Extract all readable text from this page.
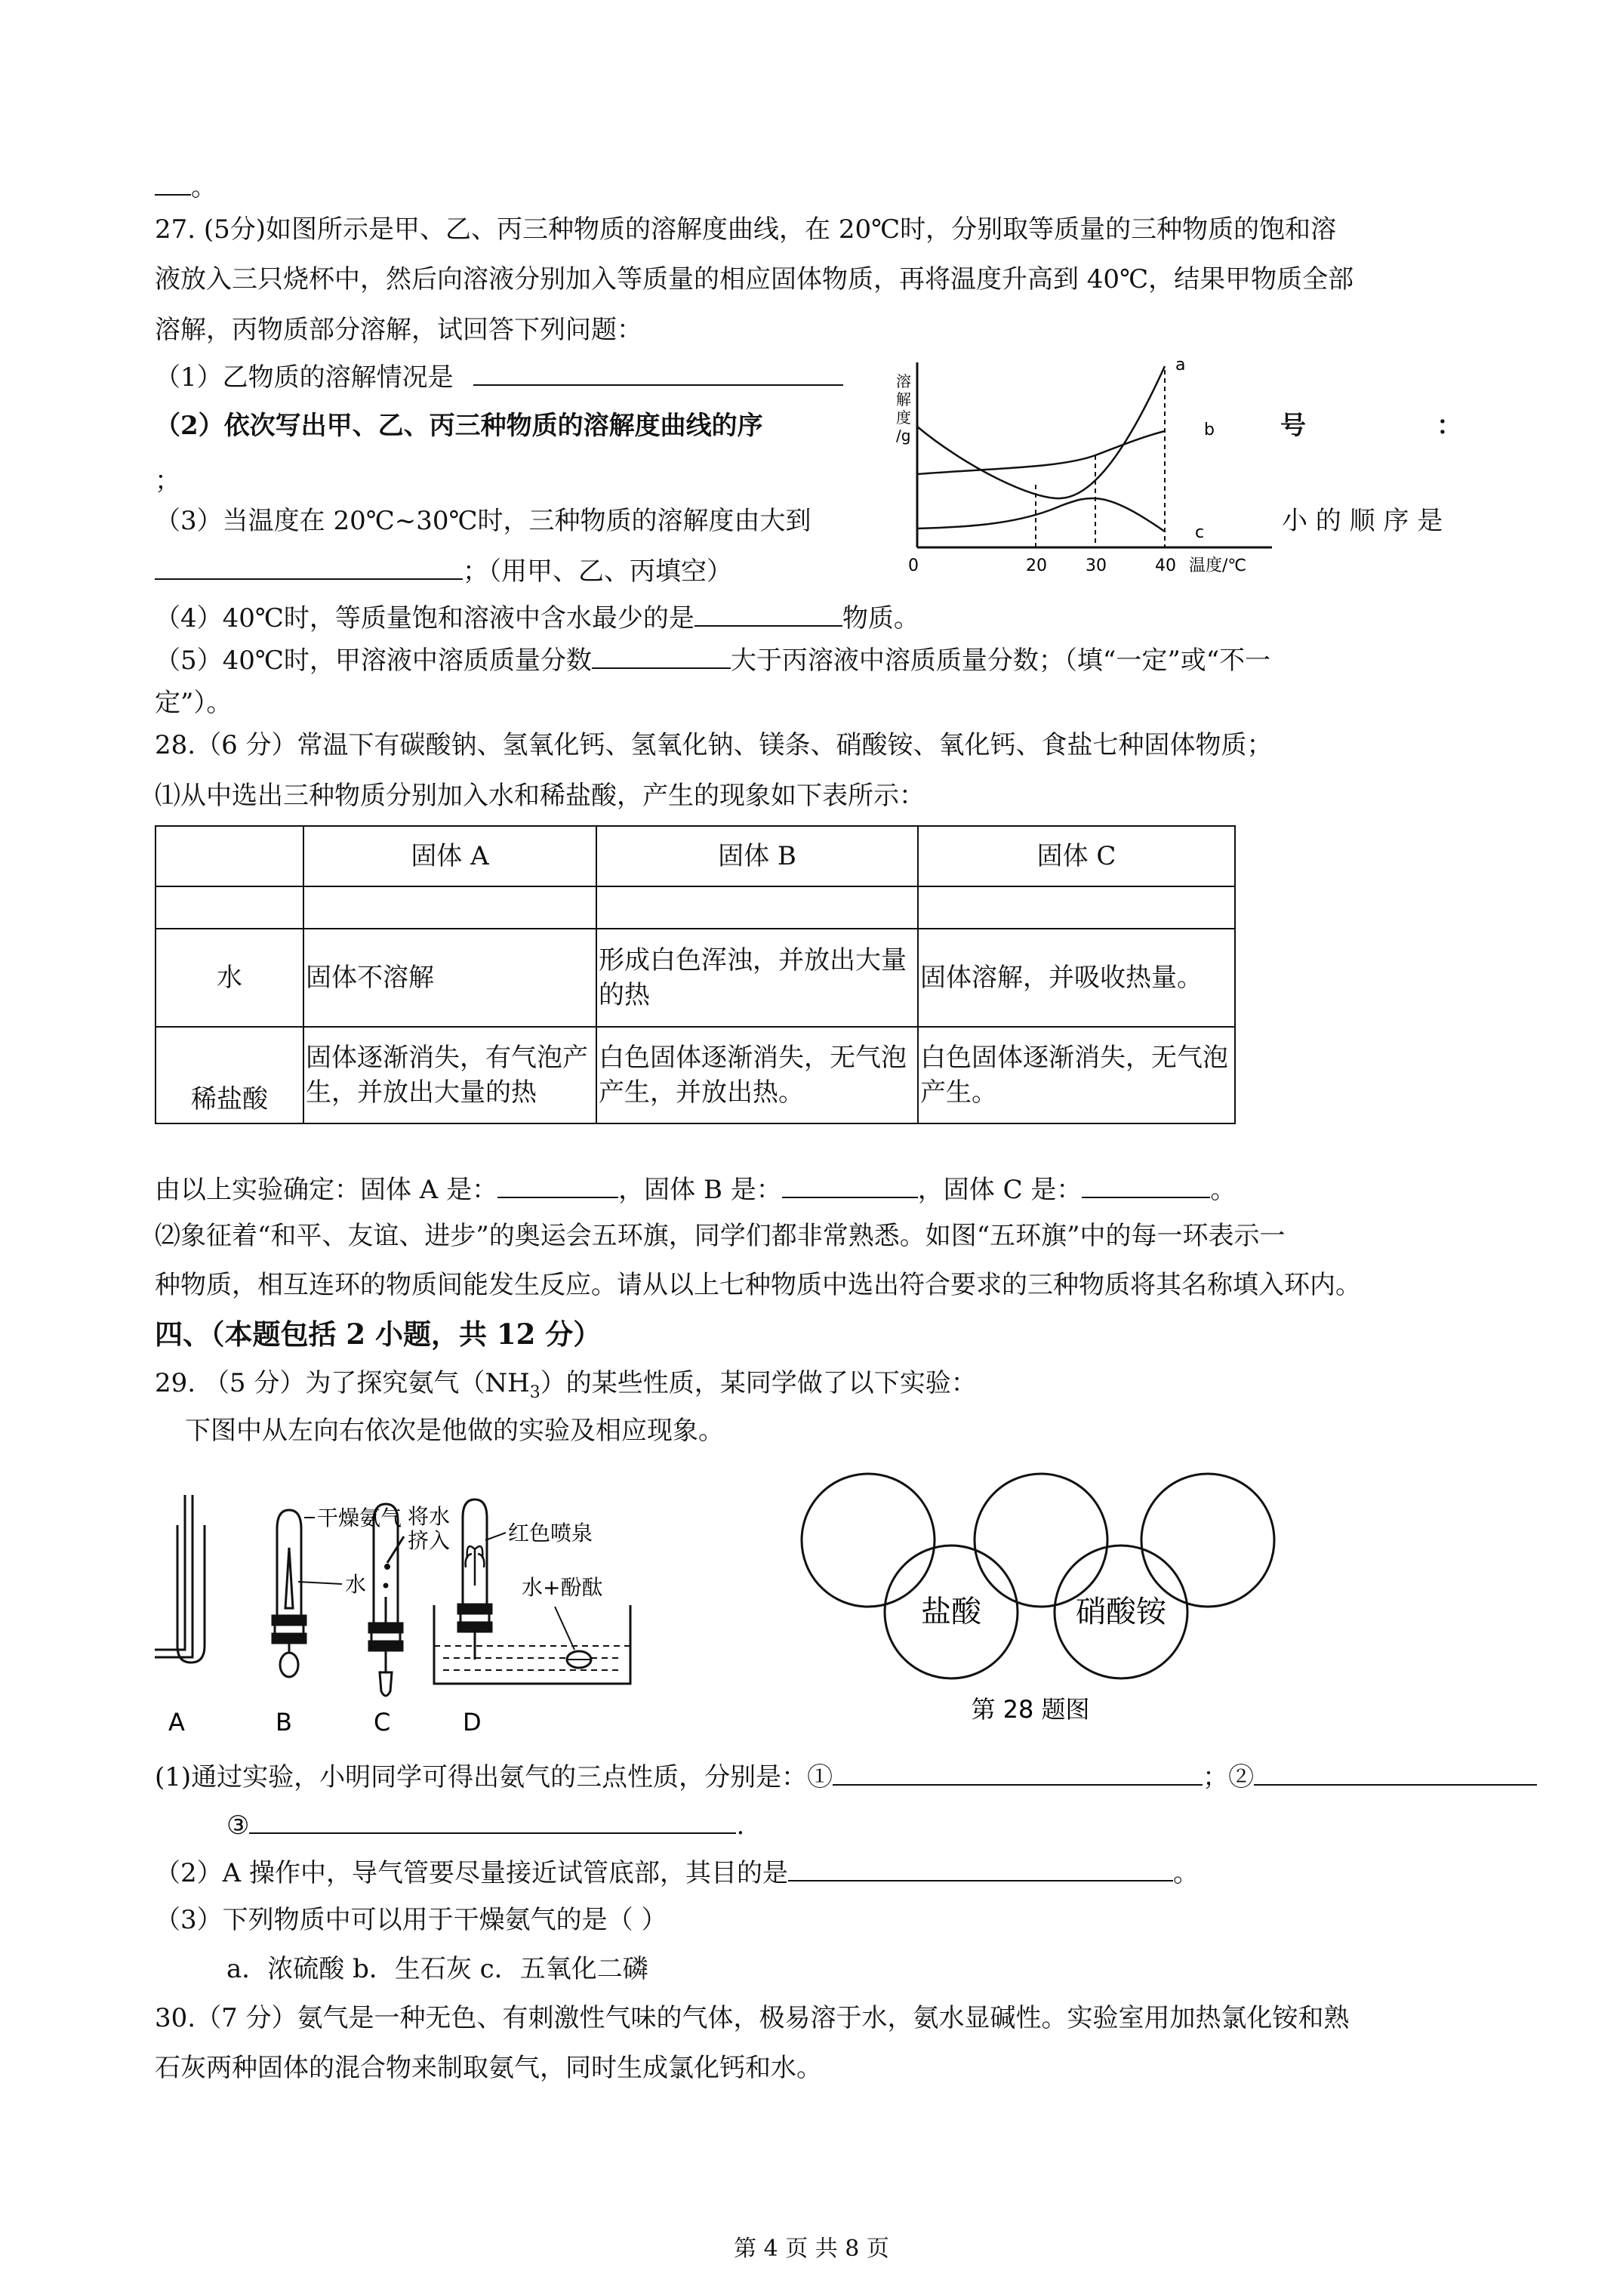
。
27. (5分)如图所示是甲、乙、丙三种物质的溶解度曲线，在 20℃时，分别取等质量的三种物质的饱和溶
液放入三只烧杯中，然后向溶液分别加入等质量的相应固体物质，再将温度升高到 40℃，结果甲物质全部
溶解，丙物质部分溶解，试回答下列问题：
（1）乙物质的溶解情况是
（2）依次写出甲、乙、丙三种物质的溶解度曲线的序	号	：
；
（3）当温度在 20℃~30℃时，三种物质的溶解度由大到	小 的 顺 序 是
；（用甲、乙、丙填空）
（4）40℃时，等质量饱和溶液中含水最少的是	物质。
（5）40℃时，甲溶液中溶质质量分数	大于丙溶液中溶质质量分数；（填“一定”或“不一
定”）。
溶
解
度
/g
a
b
c
0	20 30	40 温度/℃
28.（6 分）常温下有碳酸钠、氢氧化钙、氢氧化钠、镁条、硝酸铵、氧化钙、食盐七种固体物质；
⑴从中选出三种物质分别加入水和稀盐酸，产生的现象如下表所示：
	固体 A	固体 B	固体 C

水	固体不溶解	形成白色浑浊，并放出大量的热	固体溶解，并吸收热量。
稀盐酸	固体逐渐消失，有气泡产生，并放出大量的热	白色固体逐渐消失，无气泡产生，并放出热。	白色固体逐渐消失，无气泡产生。
由以上实验确定：固体 A 是：	，固体 B 是：	，固体 C 是：	。
⑵象征着“和平、友谊、进步”的奥运会五环旗，同学们都非常熟悉。如图“五环旗”中的每一环表示一
种物质，相互连环的物质间能发生反应。请从以上七种物质中选出符合要求的三种物质将其名称填入环内。
四、（本题包括 2 小题，共 12 分）
29. （5 分）为了探究氨气$(NH_3)$的某些性质，某同学做了以下实验：
下图中从左向右依次是他做的实验及相应现象。
干燥氨气
水
将水
挤入	红色喷泉
水+酚酞
A	B	C	D
盐酸	硝酸铵
第 28 题图
(1)通过实验，小明同学可得出氨气的三点性质，分别是：①	；②
③	.
（2）A 操作中，导气管要尽量接近试管底部，其目的是	。
（3）下列物质中可以用于干燥氨气的是（ ）
a．浓硫酸 b．生石灰 c．五氧化二磷
30.（7 分）氨气是一种无色、有刺激性气味的气体，极易溶于水，氨水显碱性。实验室用加热氯化铵和熟
石灰两种固体的混合物来制取氨气，同时生成氯化钙和水。
第 4 页 共 8 页
